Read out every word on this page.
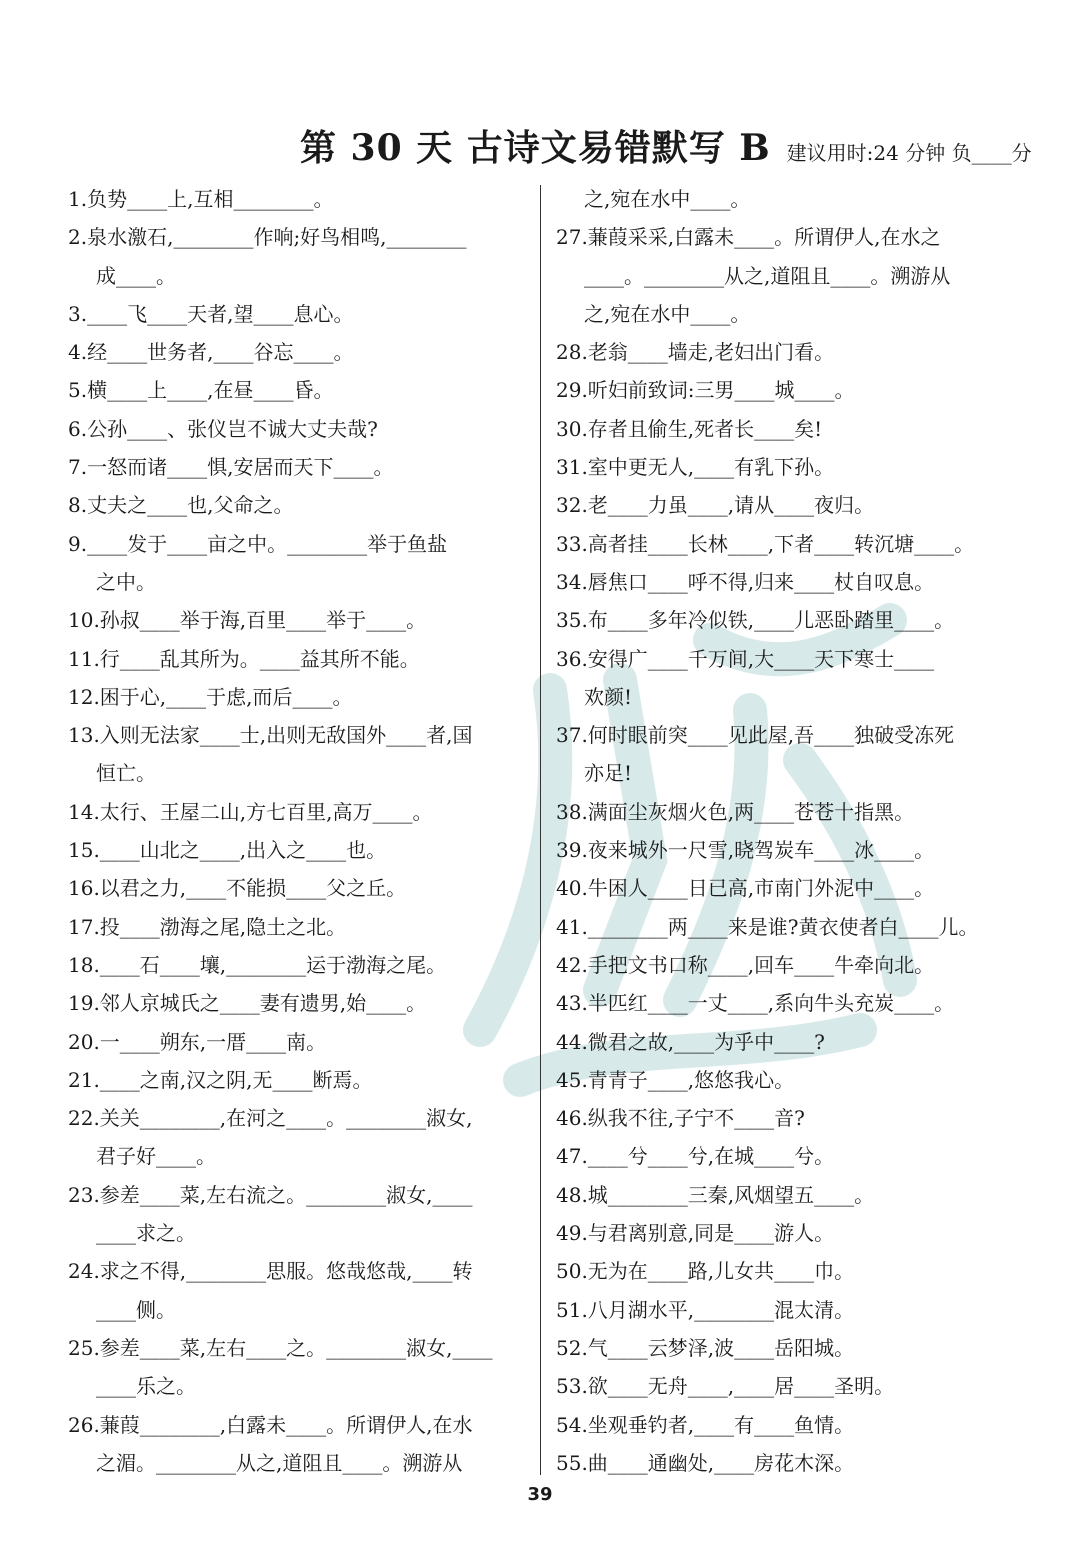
第 30 天 古诗文易错默写 B 建议用时:24 分钟 负____分
1.负势____上,互相________。
2.泉水激石,________作响;好鸟相鸣,________
成____。
3.____飞____天者,望____息心。
4.经____世务者,____谷忘____。
5.横____上____,在昼____昏。
6.公孙____、张仪岂不诚大丈夫哉?
7.一怒而诸____惧,安居而天下____。
8.丈夫之____也,父命之。
9.____发于____亩之中。________举于鱼盐
之中。
10.孙叔____举于海,百里____举于____。
11.行____乱其所为。____益其所不能。
12.困于心,____于虑,而后____。
13.入则无法家____士,出则无敌国外____者,国
恒亡。
14.太行、王屋二山,方七百里,高万____。
15.____山北之____,出入之____也。
16.以君之力,____不能损____父之丘。
17.投____渤海之尾,隐土之北。
18.____石____壤,________运于渤海之尾。
19.邻人京城氏之____妻有遗男,始____。
20.一____朔东,一厝____南。
21.____之南,汉之阴,无____断焉。
22.关关________,在河之____。________淑女,
君子好____。
23.参差____菜,左右流之。________淑女,____
____求之。
24.求之不得,________思服。悠哉悠哉,____转
____侧。
25.参差____菜,左右____之。________淑女,____
____乐之。
26.蒹葭________,白露未____。所谓伊人,在水
之湄。________从之,道阻且____。溯游从
之,宛在水中____。
27.蒹葭采采,白露未____。所谓伊人,在水之
____。________从之,道阻且____。溯游从
之,宛在水中____。
28.老翁____墙走,老妇出门看。
29.听妇前致词:三男____城____。
30.存者且偷生,死者长____矣!
31.室中更无人,____有乳下孙。
32.老____力虽____,请从____夜归。
33.高者挂____长林____,下者____转沉塘____。
34.唇焦口____呼不得,归来____杖自叹息。
35.布____多年冷似铁,____儿恶卧踏里____。
36.安得广____千万间,大____天下寒士____
欢颜!
37.何时眼前突____见此屋,吾____独破受冻死
亦足!
38.满面尘灰烟火色,两____苍苍十指黑。
39.夜来城外一尺雪,晓驾炭车____冰____。
40.牛困人____日已高,市南门外泥中____。
41.________两____来是谁?黄衣使者白____儿。
42.手把文书口称____,回车____牛牵向北。
43.半匹红____一丈____,系向牛头充炭____。
44.微君之故,____为乎中____?
45.青青子____,悠悠我心。
46.纵我不往,子宁不____音?
47.____兮____兮,在城____兮。
48.城________三秦,风烟望五____。
49.与君离别意,同是____游人。
50.无为在____路,儿女共____巾。
51.八月湖水平,________混太清。
52.气____云梦泽,波____岳阳城。
53.欲____无舟____,____居____圣明。
54.坐观垂钓者,____有____鱼情。
55.曲____通幽处,____房花木深。
39
